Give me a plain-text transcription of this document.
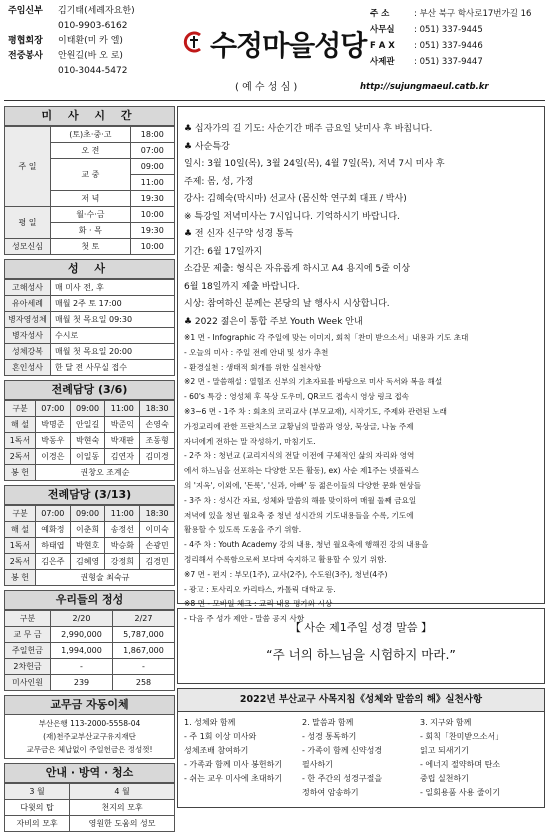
주임신부 김기태(세례자요한)
010-9903-6162
평협회장 이태환(미 카 엘)
전중봉사 안원길(바 오 로)
010-3044-5472
수정마을성당
( 예 수 성 심 )
주 소	: 부산 북구 학사로17번가길 16
사무실 : 051) 337-9445
F A X : 051) 337-9446
사제관 : 051) 337-9447
http://sujungmaeul.catb.kr
미 사 시 간
주 일	(토)초·중·고	18:00
	오 전	07:00
	교 중	09:00
		11:00
	저 녁	19:30
평 일	월·수·금	10:00
	화 · 목	19:30
성모신심	첫 토	10:00
성 사
고해성사	매 미사 전, 후
유아세례	매월 2주 토 17:00
병자영성체	매월 첫 목요일 09:30
병자성사	수시로
성체강복	매월 첫 목요일 20:00
혼인성사	한 달 전 사무실 접수
전례담당 (3/6)
구분	07:00	09:00	11:00	18:30
해 설	박명준	안일길	박준익	손영숙
1독서	박동우	박현숙	박재판	조동형
2독서	이경은	이일동	김연자	김미경
봉 헌	권창오 조계순			
전례담당 (3/13)
구분	07:00	09:00	11:00	18:30
해 설	예화정	이춘희	송정선	이미숙
1독서	하태엽	박현호	박승화	손광민
2독서	김은주	김혜영	강정희	김경민
봉 헌	권형술 최숙규			
우리들의 정성
구분	2/20	2/27
교 무 금	2,990,000	5,787,000
주일헌금	1,994,000	1,867,000
2차헌금	-	-
미사인원	239	258
교무금 자동이체
부산은행 113-2000-5558-04
(재)천주교부산교구유지재단
교무금은 체납없이 주일헌금은 정성껏!
안내 · 방역 · 청소
3 월	4 월
다윗의 탑	천지의 모후
자비의 모후	영원한 도움의 성모
♣ 십자가의 길 기도: 사순기간 매주 금요일 낮미사 후 바칩니다.
♣ 사순특강
일시: 3월 10일(목), 3월 24일(목), 4월 7일(목), 저녁 7시 미사 후
주제: 몸, 성, 가정
강사: 김혜숙(막시마) 선교사 (몸신학 연구회 대표 / 박사)
※ 특강일 저녁미사는 7시입니다. 기억하시기 바랍니다.
♣ 전 신자 신구약 성경 통독
기간: 6월 17일까지
소감문 제출: 형식은 자유롭게 하시고 A4 용지에 5줄 이상
6월 18일까지 제출 바랍니다.
시상: 참여하신 분께는 본당의 날 행사시 시상합니다.
♣ 2022 젊은이 통합 주보 Youth Week 안내
※1 면 - Infographic 각 주일에 맞는 이미지, 회칙「찬미 받으소서」내용과 기도 초대
- 오늘의 미사 : 주일 전례 안내 및 성가 추천
- 환경실천 : 생태적 회개를 위한 실천사항
※2 면 - 말씀해설 : 열혈조 신부의 기초자료를 바탕으로 미사 독서와 복음 해설
- 60's 특강 : 영성체 후 묵상 도우미, QR코드 접속시 영상 링크 접속
※3~6 면 - 1주 차 : 회초의 코리교사 (부모교재), 시작기도, 주제와 관련된 노래
가정교리에 관한 프란치스코 교황님의 말씀과 영상, 묵상글, 나눔 주제
자녀에게 전하는 말 작성하기, 마침기도.
- 2주 차 : 청년교 (교리지식의 전달 이전에 구체적인 삶의 자리와 영역
에서 하느님을 선포하는 다양한 모든 활동), ex) 사순 제1주는 넷플릭스
의 '지옥', 이외에, '돈룩', '신과, 아빠' 등 젊은이들의 다양한 문화 현상들
- 3주 차 : 성시간 자료, 성체와 말씀의 해를 맞이하여 매월 둘째 금요일
저녁에 있을 청년 월요축 중 청년 성시간의 기도내용들을 수록, 기도에
활용할 수 있도록 도움을 주기 위함.
- 4주 차 : Youth Academy 강의 내용, 청년 월요축에 행해진 강의 내용을
정리해서 수록함으로써 보다며 숙지하고 활용할 수 있기 위함.
※7 면 - 편지 : 부모(1주), 교사(2주), 수도원(3주), 청년(4주)
- 광고 : 토사리오 카리타스, 카톨릭 대학교 등.
※8 면 - 모바일 체크 : 교리 내용 평가와 시상
- 다음 주 성가 제안 - 말씀 공지 사항
【 사순 제1주일 성경 말씀 】
“주 너의 하느님을 시험하지 마라.”
2022년 부산교구 사목지침《성체와 말씀의 해》실천사항
1. 성체와 함께
- 주 1회 이상 미사와
성체조배 참여하기
- 가족과 함께 미사 봉헌하기
- 쉬는 교우 미사에 초대하기
2. 말씀과 함께
- 성경 통독하기
- 가족이 함께 신약성경
필사하기
- 한 주간의 성경구절을
정하여 암송하기
3. 지구와 함께
- 회칙「찬미받으소서」
읽고 되새기기
- 에너지 절약하며 탄소
중립 실천하기
- 일회용품 사용 줄이기
